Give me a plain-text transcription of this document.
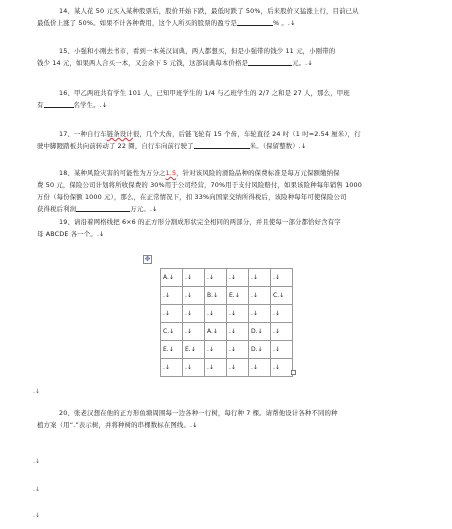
14、某人花 50 元买入某种股票后，股价开始下跌，最低时跌了 50%，后来股价又猛涨上行，目前已从
最低价上涨了 50%。如果不计各种费用，这个人所买的股票的盈亏是	% 。.↓
15、小强和小刚去书市，看到一本英汉词典，两人都想买，但是小强带的钱少 11 元，小刚带的
钱少 14 元，如果两人合买一本，又会余下 5 元钱，这部词典每本价格是	元。.↓
16、甲乙两班共有学生 101 人，已知甲班学生的 1/4 与乙班学生的 2/7 之和是 27 人，那么，甲班
有	名学生。.↓
17、一种自行车链条设计很，几个大齿，后链飞轮有 15 个齿，车轮直径 24 吋（1 吋=2.54 厘米），行
驶中脚蹬踏板共向前转动了 22 圈，自行车向前行驶了	米。（保留整数）.↓
18、某种风险灾害的可能性为万分之1.5，针对该风险的滑险品种的保费标准是每万元保额缴纳保
费 50 元，保险公司计划将所收保费的 30%用于公司经营，70%用于支付风险赔付，如果该险种每年销售 1000
万份（每份保额 1000 元），那么，在正常情况下，扣 33%向国家交纳所得税后，该险种每年可使保险公司
获得税后利润	万元。.↓
19、请沿着网格线把 6×6 的正方形分割成形状完全相同的两部分，并且使每一部分都恰好含有字
母 ABCDE 各一个。.↓
✥
A.↓	.↓	.↓	.↓	.↓	.↓
.↓	.↓	B.↓	E.↓	.↓	C.↓
.↓	.↓	.↓	.↓	.↓	.↓
C.↓	.↓	A.↓	.↓	D.↓	.↓
E.↓	E.↓	.↓	.↓	D.↓	.↓
.↓	.↓	.↓	.↓	.↓	.↓
.↓
20、张老汉想在他的正方形鱼塘周围每一边各种一行树，每行种 7 棵。请帮他设计各种不同的种
植方案（用“.”表示树，并将种树的串棵数标在图线。.↓
.↓
.↓
.↓
